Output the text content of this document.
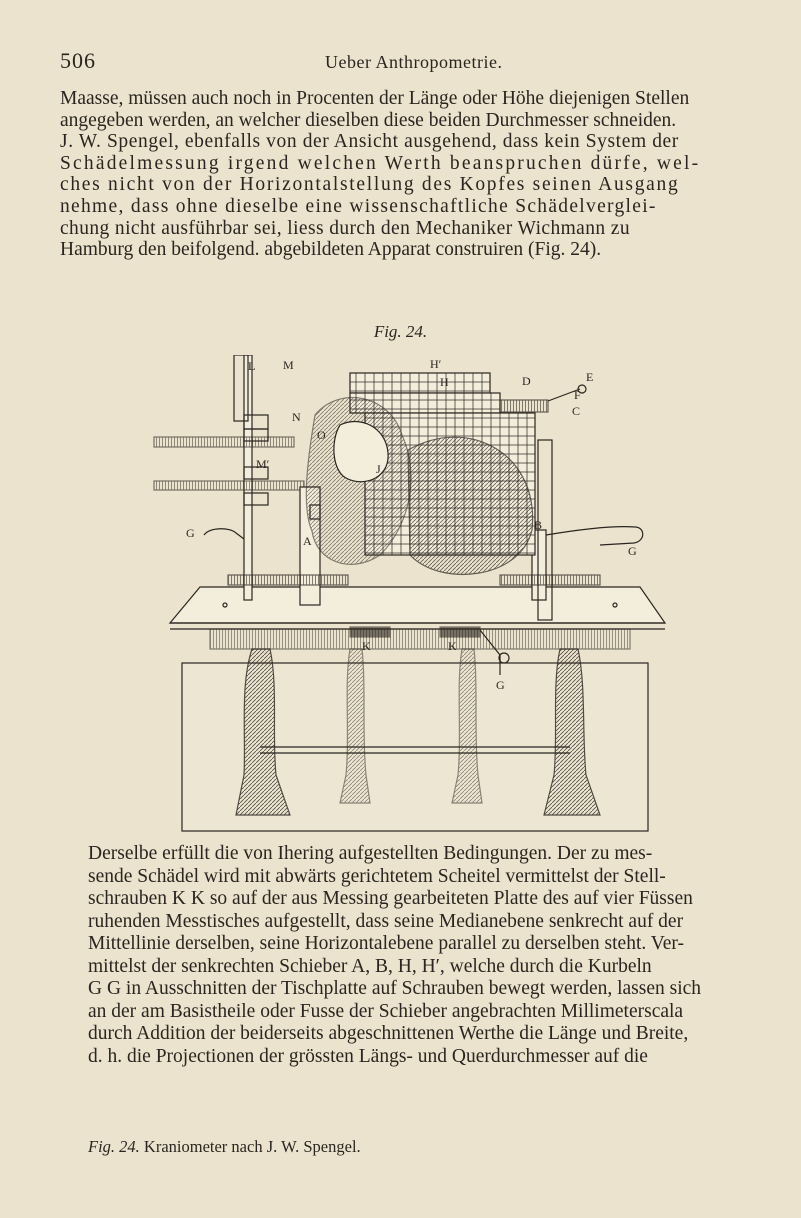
506	Ueber Anthropometrie.
Maasse, müssen auch noch in Procenten der Länge oder Höhe diejenigen Stellen
angegeben werden, an welcher dieselben diese beiden Durchmesser schneiden.
J. W. Spengel, ebenfalls von der Ansicht ausgehend, dass kein System der
Schädelmessung irgend welchen Werth beanspruchen dürfe, wel-
ches nicht von der Horizontalstellung des Kopfes seinen Ausgang
nehme, dass ohne dieselbe eine wissenschaftliche Schädelverglei-
chung nicht ausführbar sei, liess durch den Mechaniker Wichmann zu
Hamburg den beifolgend. abgebildeten Apparat construiren (Fig. 24).
Fig. 24.
L M
M′
N
O
H
H′
D	E
F
C
J
A
B
G
G
G
K	K
Derselbe erfüllt die von Ihering aufgestellten Bedingungen. Der zu mes-
sende Schädel wird mit abwärts gerichtetem Scheitel vermittelst der Stell-
schrauben K K so auf der aus Messing gearbeiteten Platte des auf vier Füssen
ruhenden Messtisches aufgestellt, dass seine Medianebene senkrecht auf der
Mittellinie derselben, seine Horizontalebene parallel zu derselben steht. Ver-
mittelst der senkrechten Schieber A, B, H, H′, welche durch die Kurbeln
G G in Ausschnitten der Tischplatte auf Schrauben bewegt werden, lassen sich
an der am Basistheile oder Fusse der Schieber angebrachten Millimeterscala
durch Addition der beiderseits abgeschnittenen Werthe die Länge und Breite,
d. h. die Projectionen der grössten Längs- und Querdurchmesser auf die
Fig. 24. Kraniometer nach J. W. Spengel.
